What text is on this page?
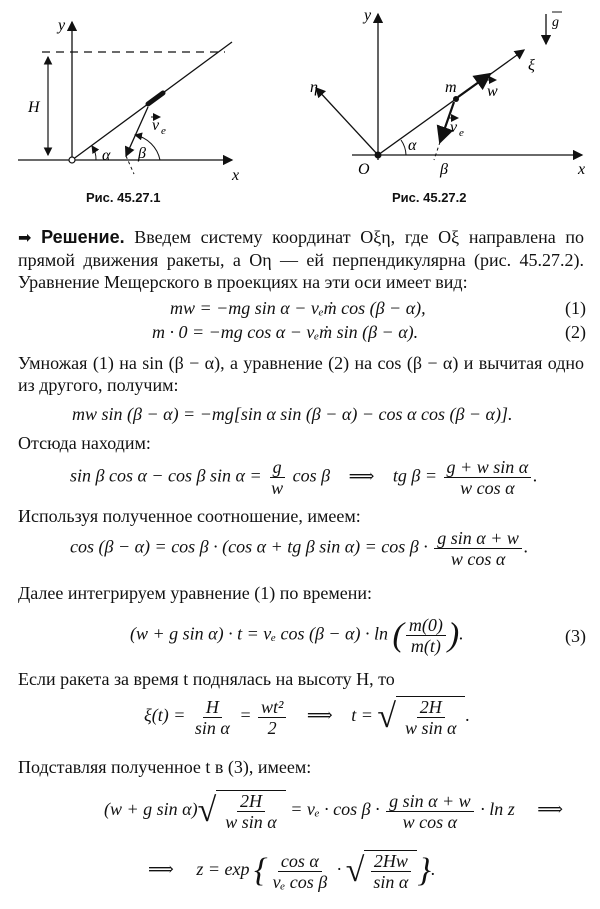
y
x
H
α β
v e
Рис. 45.27.1
y
x
g
η
ξ
m w
v e
O
α
β
Рис. 45.27.2
➡ Решение. Введем систему координат Oξη, где Oξ направлена по прямой движения ракеты, а Oη — ей перпендикулярна (рис. 45.27.2). Уравнение Мещерского в проекциях на эти оси имеет вид:
mw = −mg sin α − vₑṁ cos (β − α),	(1)
m · 0 = −mg cos α − vₑṁ sin (β − α).	(2)
Умножая (1) на sin (β − α), а уравнение (2) на cos (β − α) и вычитая одно из другого, получим:
mw sin (β − α) = −mg[sin α sin (β − α) − cos α cos (β − α)].
Отсюда находим:
sin β cos α − cos β $\sin \alpha = \frac{g}{w}$ cos β ⟹ tg $\beta = \frac{\text{g + w sin α}}{\text{w cos α}}$ .
Используя полученное соотношение, имеем:
cos (β − α) = cos β · (cos α + tg β $\sin \alpha) = \cos \beta \cdot \frac{\text{g sin α + w}}{\text{w cos α}}$ .
Далее интегрируем уравнение (1) по времени:
(w + g sin α) · t = vₑ cos (β − α) · ln ( $\frac{m(0)}{m(t)}$ ).	(3)
Если ракета за время t поднялась на высоту H, то
$\xi(t) = \frac{H}{\text{sin α}} = \frac{\text{wt²}}{2}$ ⟹ t = √ $\frac{2H}{\text{w sin α}}$ .
Подставляя полученное t в (3), имеем:
(w + g sin α) √ $\frac{2H}{\text{w sin α}} = v_e \cdot \cos \beta \cdot \frac{\text{g sin α + w}}{\text{w cos α}} \cdot \ln z$ ⟹
⟹ z = exp { $\frac{\text{cos α}}{\text{vₑ cos β}}$ · √ $\frac{2Hw}{\text{sin α}}$ }.
